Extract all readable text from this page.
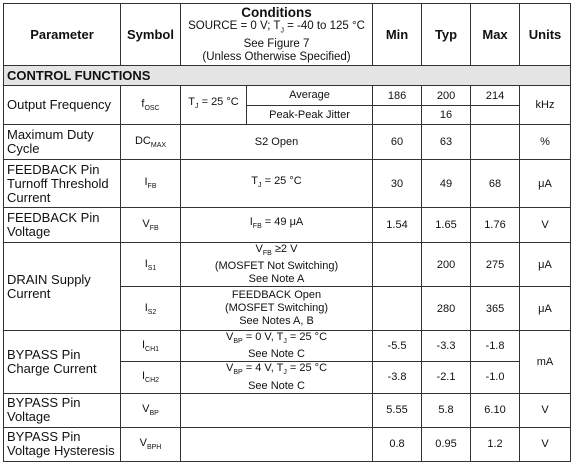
Parameter	Symbol	Conditions
SOURCE = 0 V; $T_J = -40$ to 125 °C
See Figure 7
(Unless Otherwise Specified)		Min	Typ	Max	Units
CONTROL FUNCTIONS							
Output Frequency	$f_{OSC}$	$T_J = 25$ °C	Average	186	200	214	kHz
			Peak-Peak Jitter		16		

Maximum Duty
Cycle	$DC_{MAX}$	S2 Open		60	63		%

FEEDBACK Pin
Turnoff Threshold
Current	$I_{FB}$	$T_J = 25$ °C		30	49	68	μA

FEEDBACK Pin
Voltage	$V_{FB}$	$I_{FB} = 49$ μA		1.54	1.65	1.76	V

DRAIN Supply
Current	$I_{S1}$	$V_{FB} \ge 2$ V
(MOSFET Not Switching)
See Note A			200	275	μA
	$I_{S2}$	FEEDBACK Open
(MOSFET Switching)
See Notes A, B			280	365	μA

BYPASS Pin
Charge Current	$I_{CH1}$	$V_{BP} = 0$ V, $T_J = 25$ °C
See Note C		-5.5	-3.3	-1.8	mA
	$I_{CH2}$	$V_{BP} = 4$ V, $T_J = 25$ °C
See Note C		-3.8	-2.1	-1.0	

BYPASS Pin
Voltage	$V_{BP}$			5.55	5.8	6.10	V

BYPASS Pin
Voltage Hysteresis	$V_{BPH}$			0.8	0.95	1.2	V
